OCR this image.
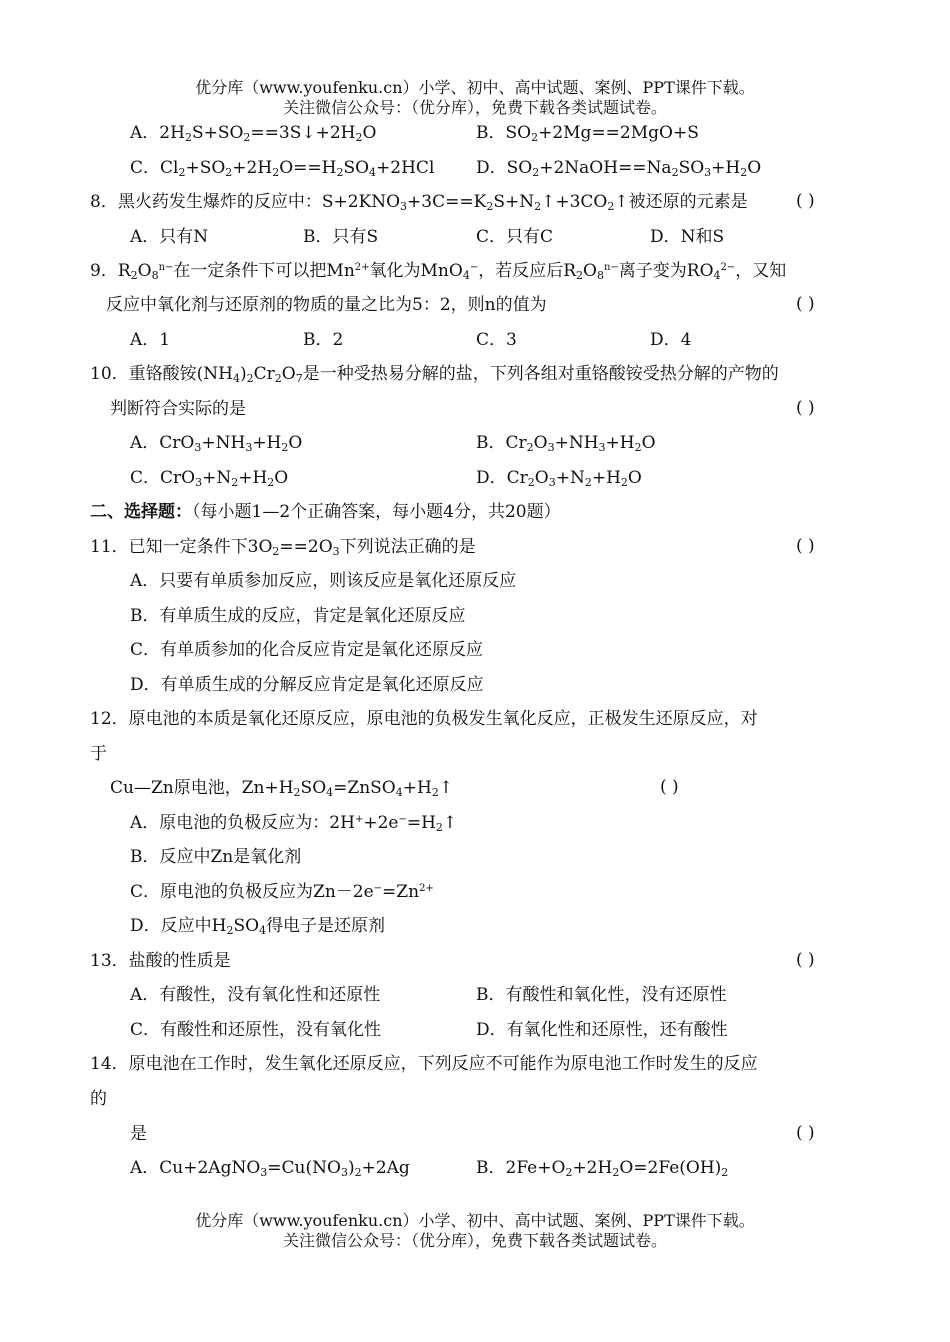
优分库（www.youfenku.cn）小学、初中、高中试题、案例、PPT课件下载。
关注微信公众号：（优分库），免费下载各类试题试卷。
A．$2H_2S+SO_2==3S↓+2H_2O$	B．$SO_2+2Mg==2MgO+S$
C．$Cl_2+SO_2+2H_2O==H_2SO_4+2HCl$ D．$SO_2+2NaOH==Na_2SO_3+H_2O$
8．黑火药发生爆炸的反应中：$S+2KNO_3+3C==K_2S+N_2↑+3CO_2↑$被还原的元素是	( )
A．只有N	B．只有S	C．只有C	D．N和S
9．$R_2O_8^{n-}$在一定条件下可以把$Mn^{2+}$氧化为MnO$_4$−，若反应后$R_2O_8^{n-}$离子变为$RO_4^{2-}$，又知
反应中氧化剂与还原剂的物质的量之比为5：2，则n的值为	( )
A．1	B．2	C．3	D．4
10．重铬酸铵$(NH_4)_2Cr_2O_7$是一种受热易分解的盐，下列各组对重铬酸铵受热分解的产物的
判断符合实际的是	( )
A．$CrO_3+NH_3+H_2O$	B．$Cr_2O_3+NH_3+H_2O$
C．$CrO_3+N_2+H_2O$	D．$Cr_2O_3+N_2+H_2O$
二、选择题：（每小题1—2个正确答案，每小题4分，共20题）
11．已知一定条件下$3O_2==2O_3$下列说法正确的是	( )
A．只要有单质参加反应，则该反应是氧化还原反应
B．有单质生成的反应，肯定是氧化还原反应
C．有单质参加的化合反应肯定是氧化还原反应
D．有单质生成的分解反应肯定是氧化还原反应
12．原电池的本质是氧化还原反应，原电池的负极发生氧化反应，正极发生还原反应，对
于
Cu—Zn原电池，$Zn+H_2SO_4=ZnSO_4+H_2↑$	( )
A．原电池的负极反应为：$2H^++2e^-=H_2↑$
B．反应中Zn是氧化剂
C．原电池的负极反应为$Zn-2e^-=Zn^{2+}$
D．反应中$H_2SO_4$得电子是还原剂
13．盐酸的性质是	( )
A．有酸性，没有氧化性和还原性	B．有酸性和氧化性，没有还原性
C．有酸性和还原性，没有氧化性	D．有氧化性和还原性，还有酸性
14．原电池在工作时，发生氧化还原反应，下列反应不可能作为原电池工作时发生的反应
的
是	( )
A．$Cu+2AgNO_3=Cu(NO_3)_2+2Ag$	B．$2Fe+O_2+2H_2O=2Fe(OH)_2$
优分库（www.youfenku.cn）小学、初中、高中试题、案例、PPT课件下载。
关注微信公众号：（优分库），免费下载各类试题试卷。
